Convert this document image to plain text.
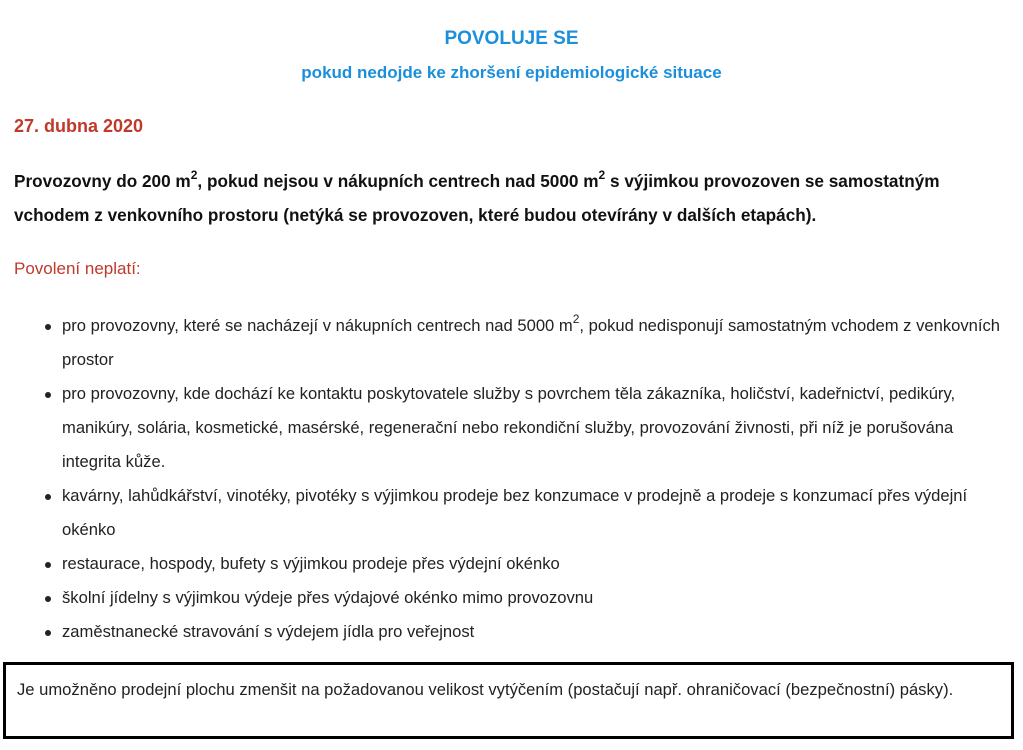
POVOLUJE SE
pokud nedojde ke zhoršení epidemiologické situace
27. dubna 2020
Provozovny do 200 $m^2$, pokud nejsou v nákupních centrech nad 5000 $m^2$ s výjimkou provozoven se samostatným vchodem z venkovního prostoru (netýká se provozoven, které budou otevírány v dalších etapách).
Povolení neplatí:
pro provozovny, které se nacházejí v nákupních centrech nad 5000 $m^2$, pokud nedisponují samostatným vchodem z venkovních prostor
pro provozovny, kde dochází ke kontaktu poskytovatele služby s povrchem těla zákazníka, holičství, kadeřnictví, pedikúry, manikúry, solária, kosmetické, masérské, regenerační nebo rekondiční služby, provozování živnosti, při níž je porušována integrita kůže.
kavárny, lahůdkářství, vinotéky, pivotéky s výjimkou prodeje bez konzumace v prodejně a prodeje s konzumací přes výdejní okénko
restaurace, hospody, bufety s výjimkou prodeje přes výdejní okénko
školní jídelny s výjimkou výdeje přes výdajové okénko mimo provozovnu
zaměstnanecké stravování s výdejem jídla pro veřejnost
Je umožněno prodejní plochu zmenšit na požadovanou velikost vytýčením (postačují např. ohraničovací (bezpečnostní) pásky).
